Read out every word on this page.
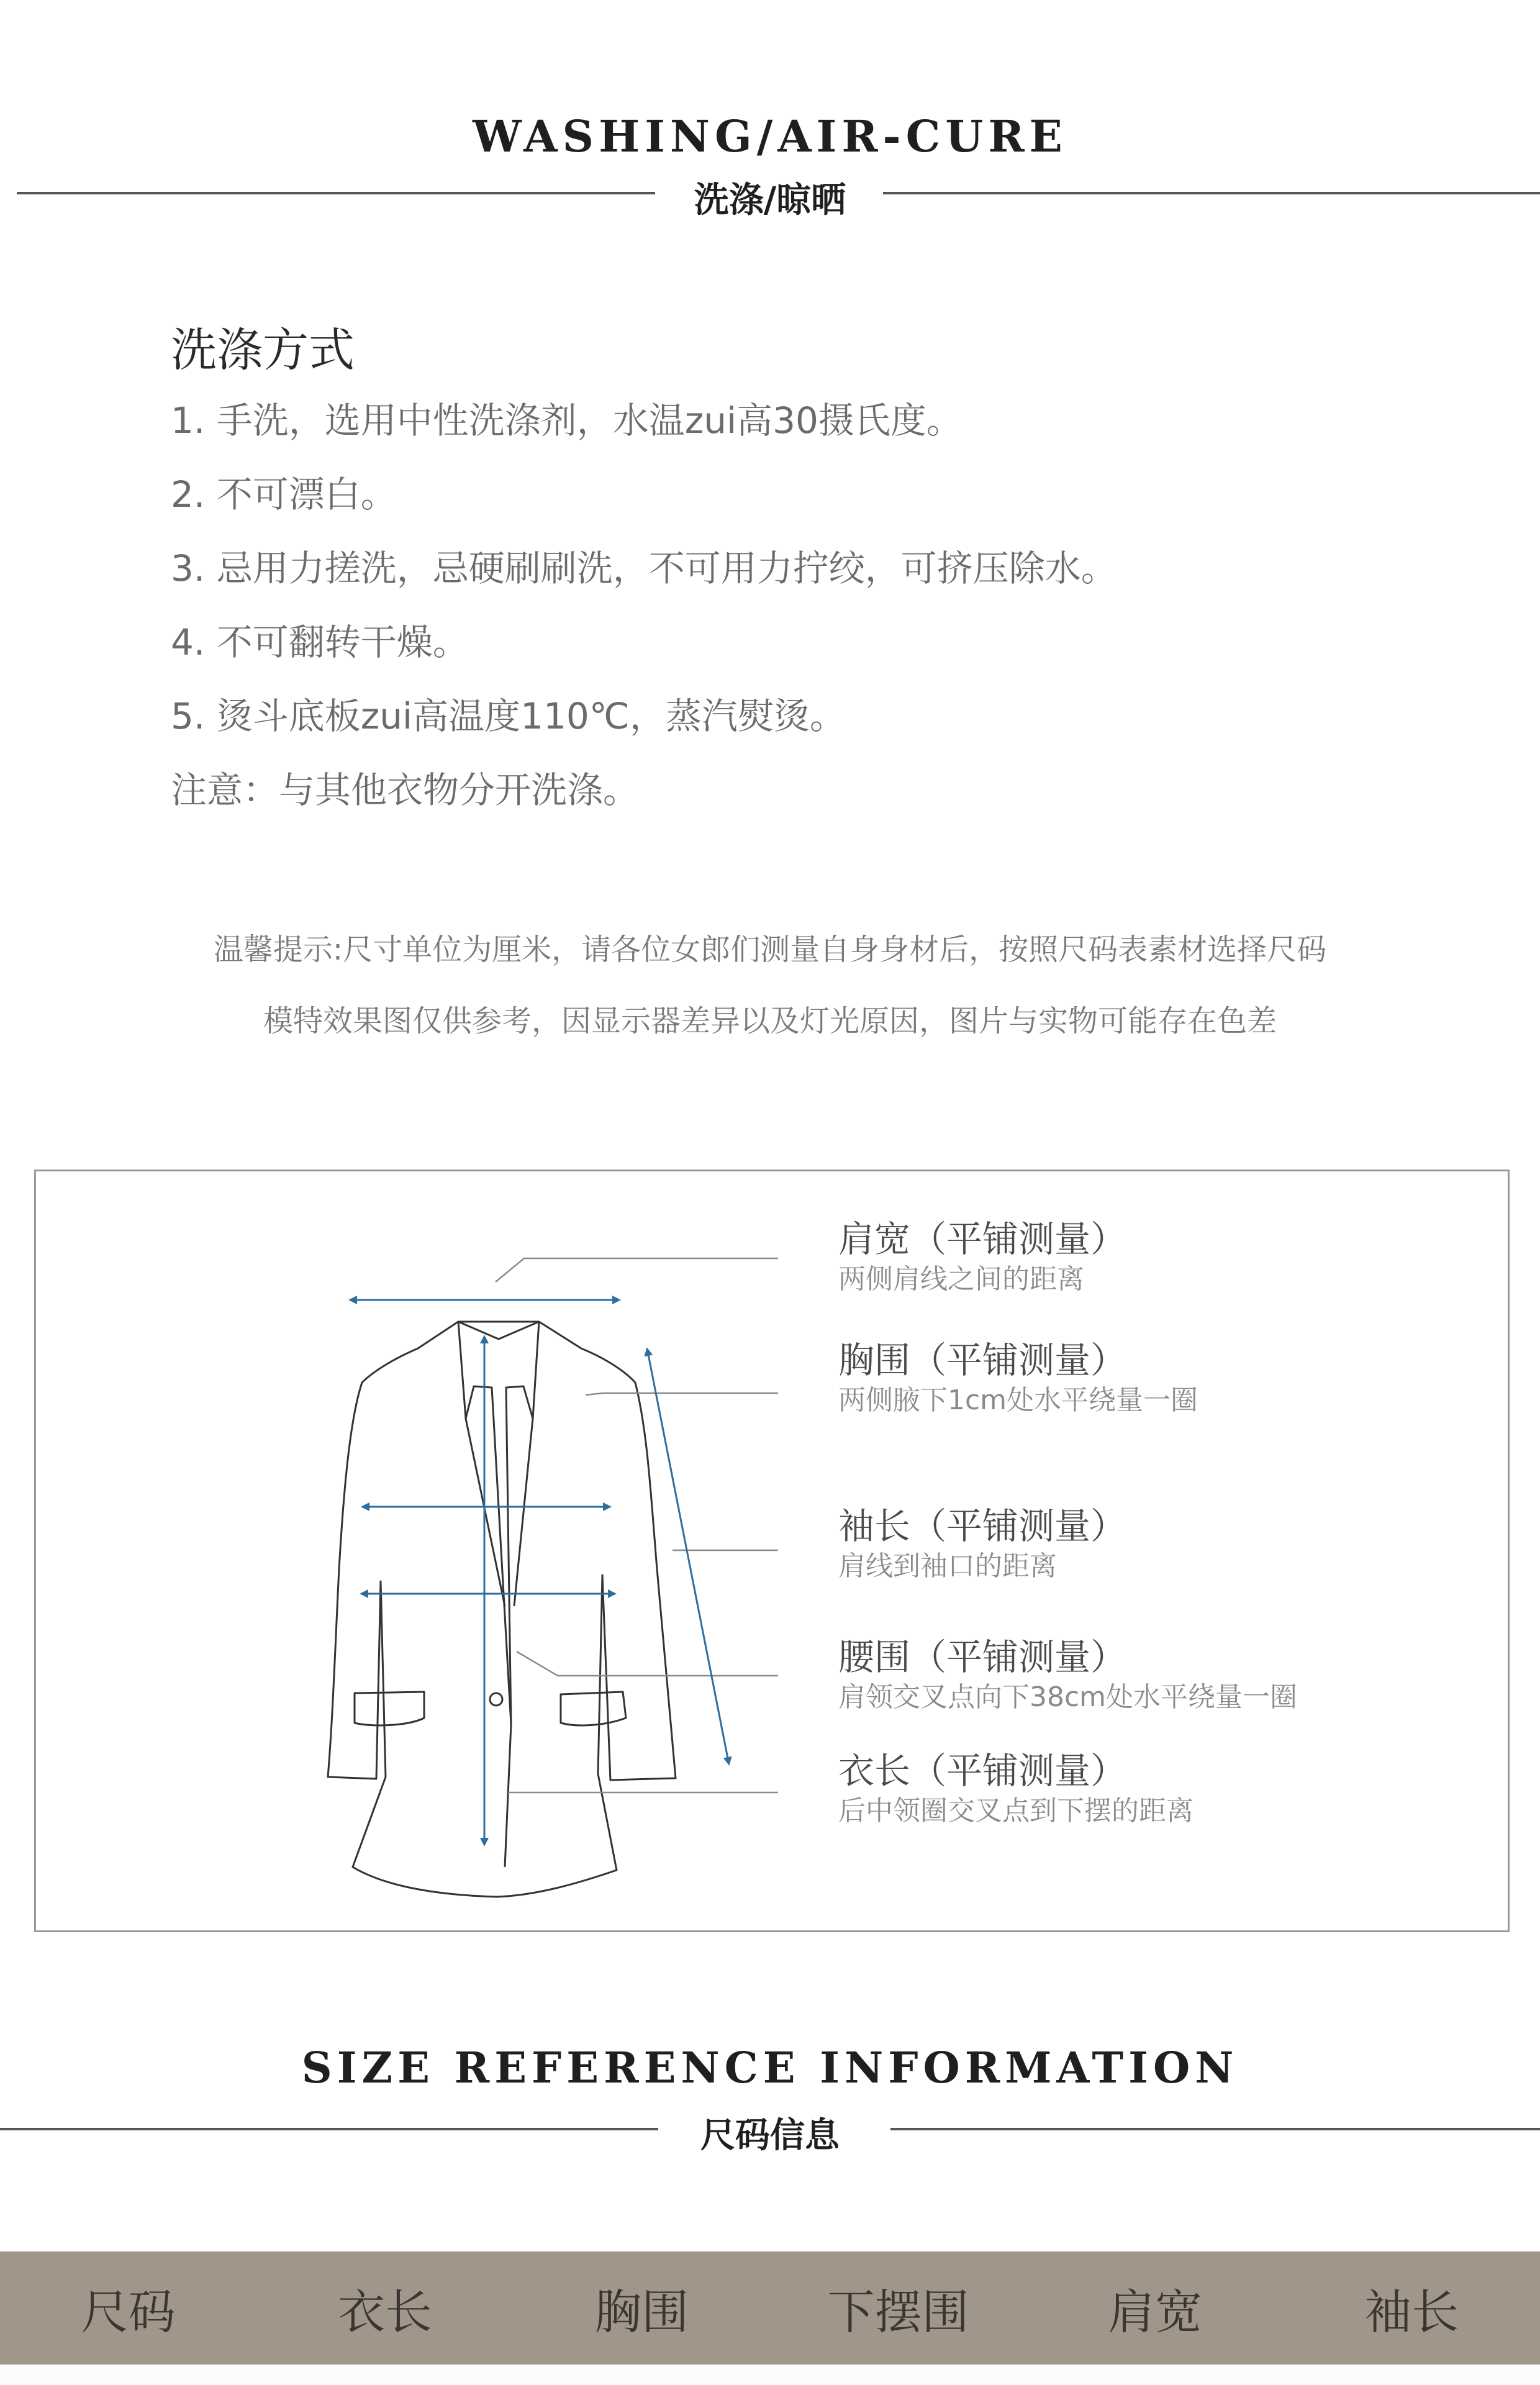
WASHING/AIR-CURE
洗涤/晾晒
洗涤方式
1. 手洗，选用中性洗涤剂，水温zui高30摄氏度。
2. 不可漂白。
3. 忌用力搓洗，忌硬刷刷洗，不可用力拧绞，可挤压除水。
4. 不可翻转干燥。
5. 烫斗底板zui高温度110℃，蒸汽熨烫。
注意：与其他衣物分开洗涤。
温馨提示:尺寸单位为厘米，请各位女郎们测量自身身材后，按照尺码表素材选择尺码
模特效果图仅供参考，因显示器差异以及灯光原因，图片与实物可能存在色差
肩宽（平铺测量）
两侧肩线之间的距离
胸围（平铺测量）
两侧腋下1cm处水平绕量一圈
袖长（平铺测量）
肩线到袖口的距离
腰围（平铺测量）
肩领交叉点向下38cm处水平绕量一圈
衣长（平铺测量）
后中领圈交叉点到下摆的距离
SIZE REFERENCE INFORMATION
尺码信息
尺码	衣长	胸围	下摆围	肩宽	袖长
